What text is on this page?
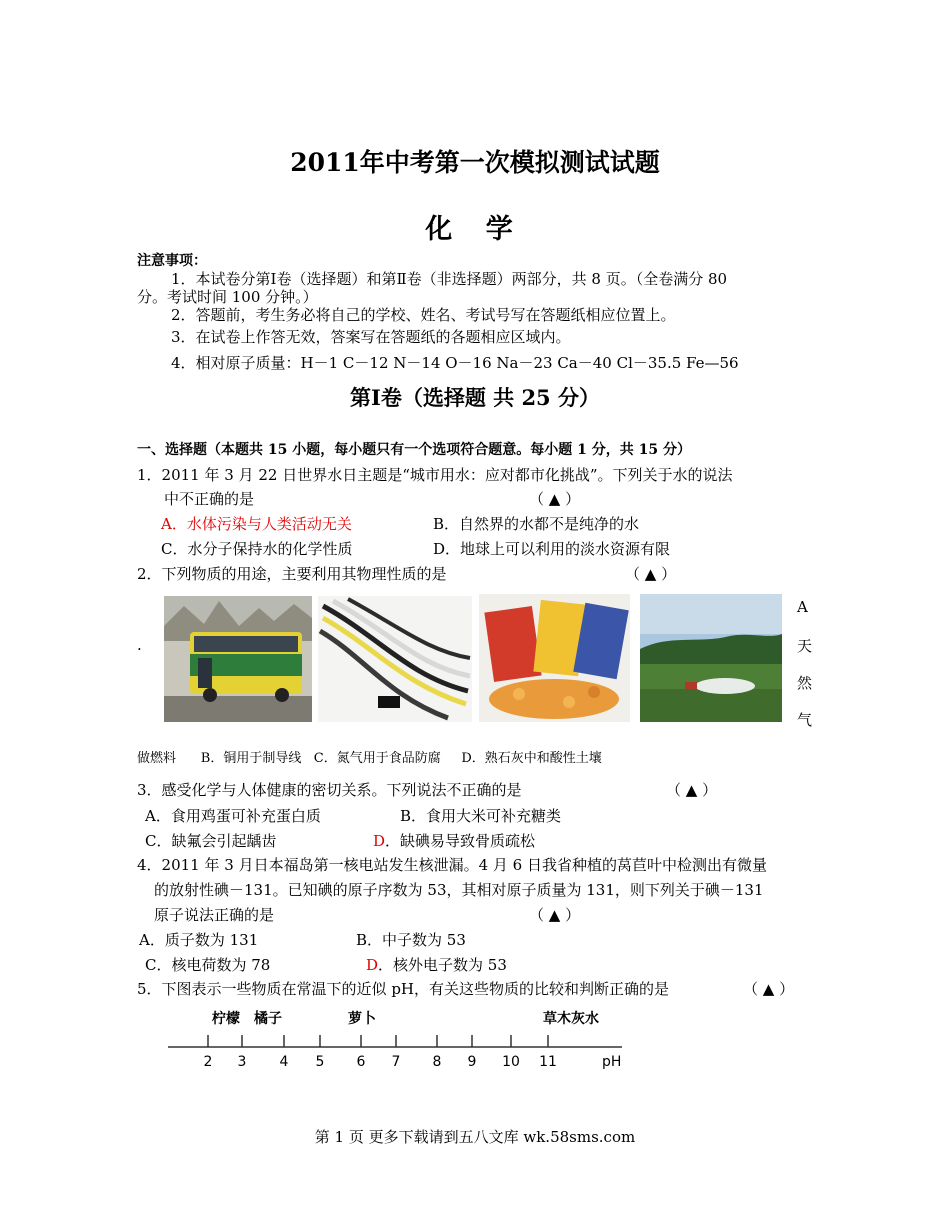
2011年中考第一次模拟测试试题
化 学
注意事项：
1．本试卷分第Ⅰ卷（选择题）和第Ⅱ卷（非选择题）两部分，共 8 页。（全卷满分 80
分。考试时间 100 分钟。）
2．答题前，考生务必将自己的学校、姓名、考试号写在答题纸相应位置上。
3．在试卷上作答无效，答案写在答题纸的各题相应区域内。
4．相对原子质量：H－1 C－12 N－14 O－16 Na－23 Ca－40 Cl－35.5 Fe—56
第Ⅰ卷（选择题 共 25 分）
一、选择题（本题共 15 小题，每小题只有一个选项符合题意。每小题 1 分，共 15 分）
1．2011 年 3 月 22 日世界水日主题是“城市用水：应对都市化挑战”。下列关于水的说法
中不正确的是	（ ▲ ）
A．水体污染与人类活动无关	B．自然界的水都不是纯净的水
C．水分子保持水的化学性质	D．地球上可以利用的淡水资源有限
2．下列物质的用途，主要利用其物理性质的是	（ ▲ ）
.
A
天
然
气
做燃料      B．铜用于制导线   C．氮气用于食品防腐     D．熟石灰中和酸性土壤
3．感受化学与人体健康的密切关系。下列说法不正确的是	（ ▲ ）
A．食用鸡蛋可补充蛋白质	B．食用大米可补充糖类
C．缺氟会引起龋齿	D．缺碘易导致骨质疏松
4．2011 年 3 月日本福岛第一核电站发生核泄漏。4 月 6 日我省种植的莴苣叶中检测出有微量
的放射性碘－131。已知碘的原子序数为 53，其相对原子质量为 131，则下列关于碘－131
原子说法正确的是	（ ▲ ）
A．质子数为 131	B．中子数为 53
C．核电荷数为 78	D．核外电子数为 53
5．下图表示一些物质在常温下的近似 pH，有关这些物质的比较和判断正确的是	（ ▲ ）
2 3 4 5 6 7 8 9 10 11
柠檬 橘子	萝卜	草木灰水
pH
第 1 页 更多下载请到五八文库 wk.58sms.com
